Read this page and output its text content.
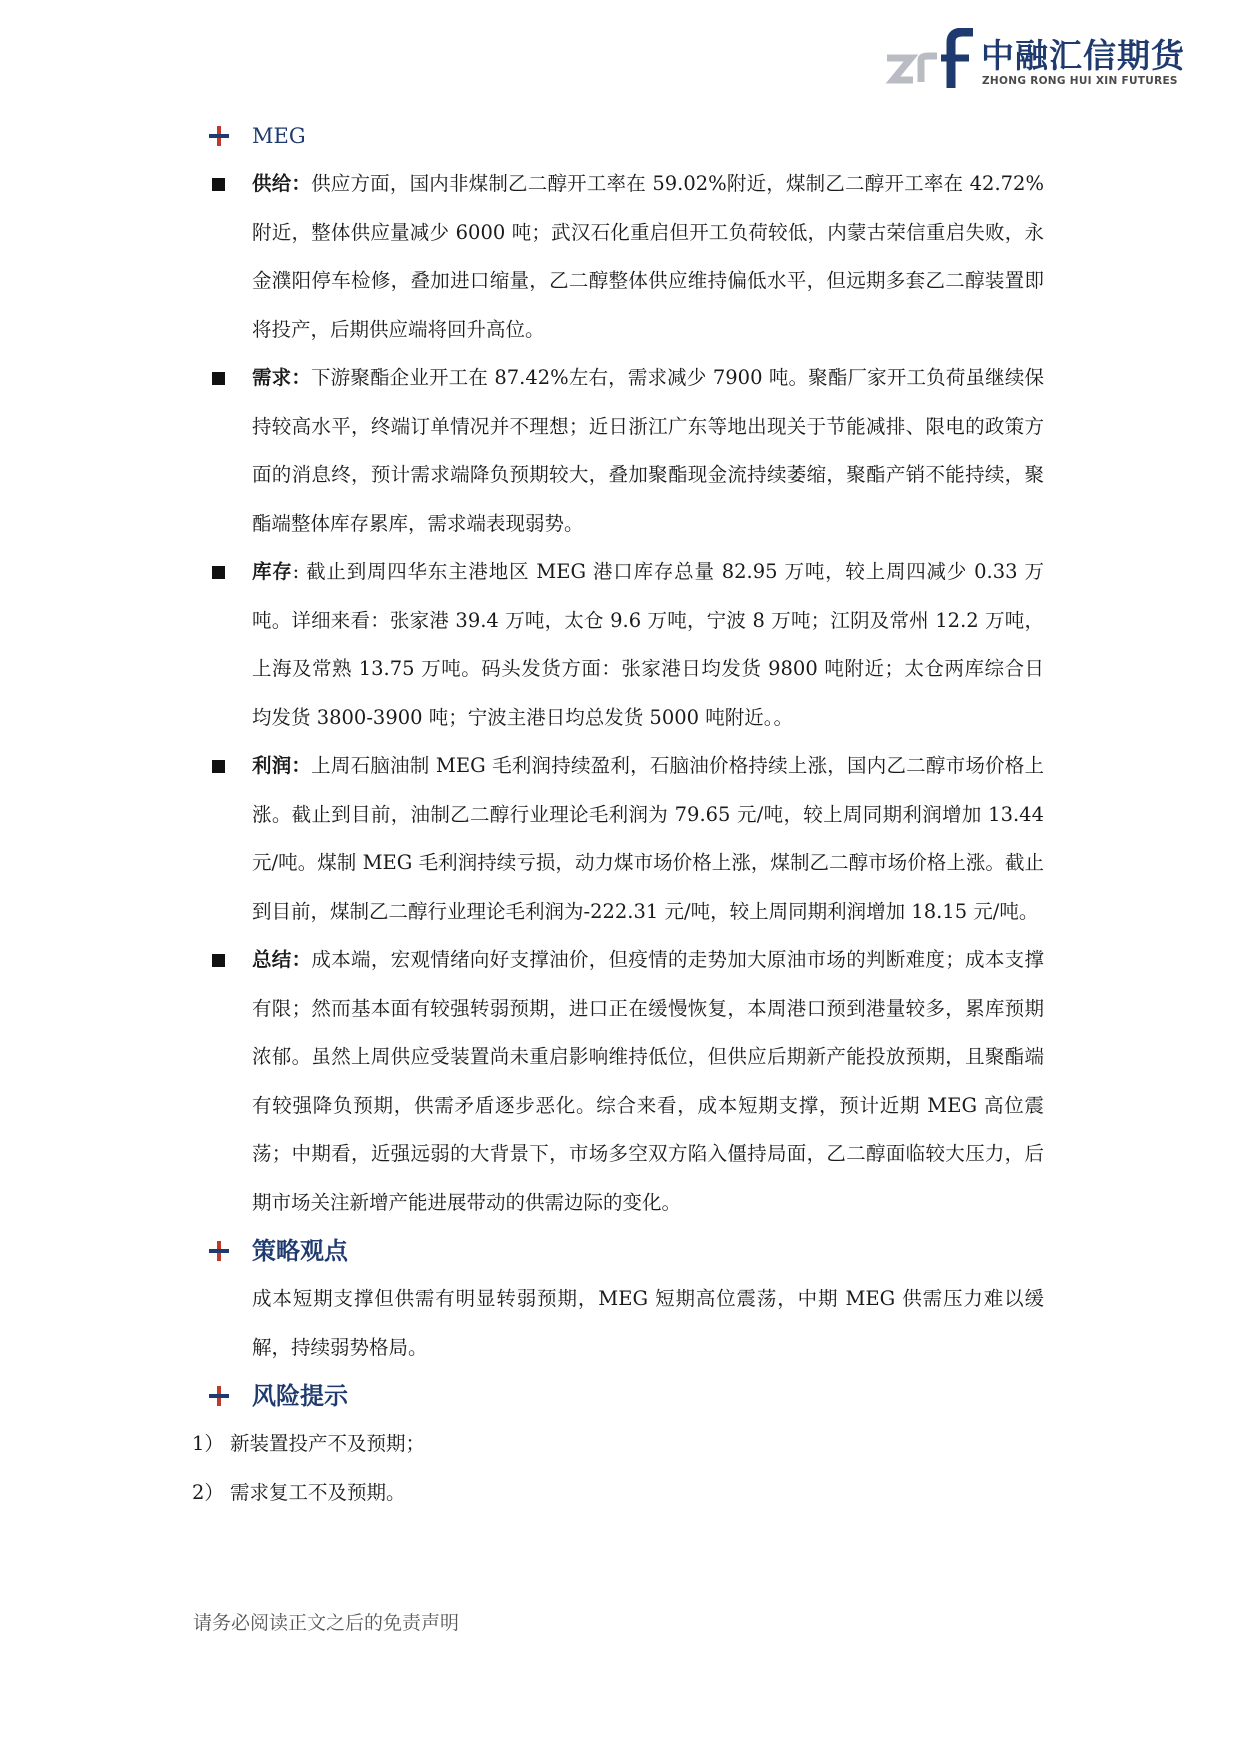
中融汇信期货
ZHONG RONG HUI XIN FUTURES
MEG

供给：供应方面，国内非煤制乙二醇开工率在 59.02%附近，煤制乙二醇开工率在 42.72%附近，整体供应量减少 6000 吨；武汉石化重启但开工负荷较低，内蒙古荣信重启失败，永金濮阳停车检修，叠加进口缩量，乙二醇整体供应维持偏低水平，但远期多套乙二醇装置即将投产，后期供应端将回升高位。

需求：下游聚酯企业开工在 87.42%左右，需求减少 7900 吨。聚酯厂家开工负荷虽继续保持较高水平，终端订单情况并不理想；近日浙江广东等地出现关于节能减排、限电的政策方面的消息终，预计需求端降负预期较大，叠加聚酯现金流持续萎缩，聚酯产销不能持续，聚酯端整体库存累库，需求端表现弱势。

库存: 截止到周四华东主港地区 MEG 港口库存总量 82.95 万吨，较上周四减少 0.33 万吨。详细来看：张家港 39.4 万吨，太仓 9.6 万吨，宁波 8 万吨；江阴及常州 12.2 万吨，上海及常熟 13.75 万吨。码头发货方面：张家港日均发货 9800 吨附近；太仓两库综合日均发货 3800-3900 吨；宁波主港日均总发货 5000 吨附近。。

利润：上周石脑油制 MEG 毛利润持续盈利，石脑油价格持续上涨，国内乙二醇市场价格上涨。截止到目前，油制乙二醇行业理论毛利润为 79.65 元/吨，较上周同期利润增加 13.44 元/吨。煤制 MEG 毛利润持续亏损，动力煤市场价格上涨，煤制乙二醇市场价格上涨。截止到目前，煤制乙二醇行业理论毛利润为-222.31 元/吨，较上周同期利润增加 18.15 元/吨。

总结：成本端，宏观情绪向好支撑油价，但疫情的走势加大原油市场的判断难度；成本支撑有限；然而基本面有较强转弱预期，进口正在缓慢恢复，本周港口预到港量较多，累库预期浓郁。虽然上周供应受装置尚未重启影响维持低位，但供应后期新产能投放预期，且聚酯端有较强降负预期，供需矛盾逐步恶化。综合来看，成本短期支撑，预计近期 MEG 高位震荡；中期看，近强远弱的大背景下，市场多空双方陷入僵持局面，乙二醇面临较大压力，后期市场关注新增产能进展带动的供需边际的变化。

策略观点

成本短期支撑但供需有明显转弱预期，MEG 短期高位震荡，中期 MEG 供需压力难以缓解，持续弱势格局。

风险提示

1） 新装置投产不及预期；

2） 需求复工不及预期。

请务必阅读正文之后的免责声明
